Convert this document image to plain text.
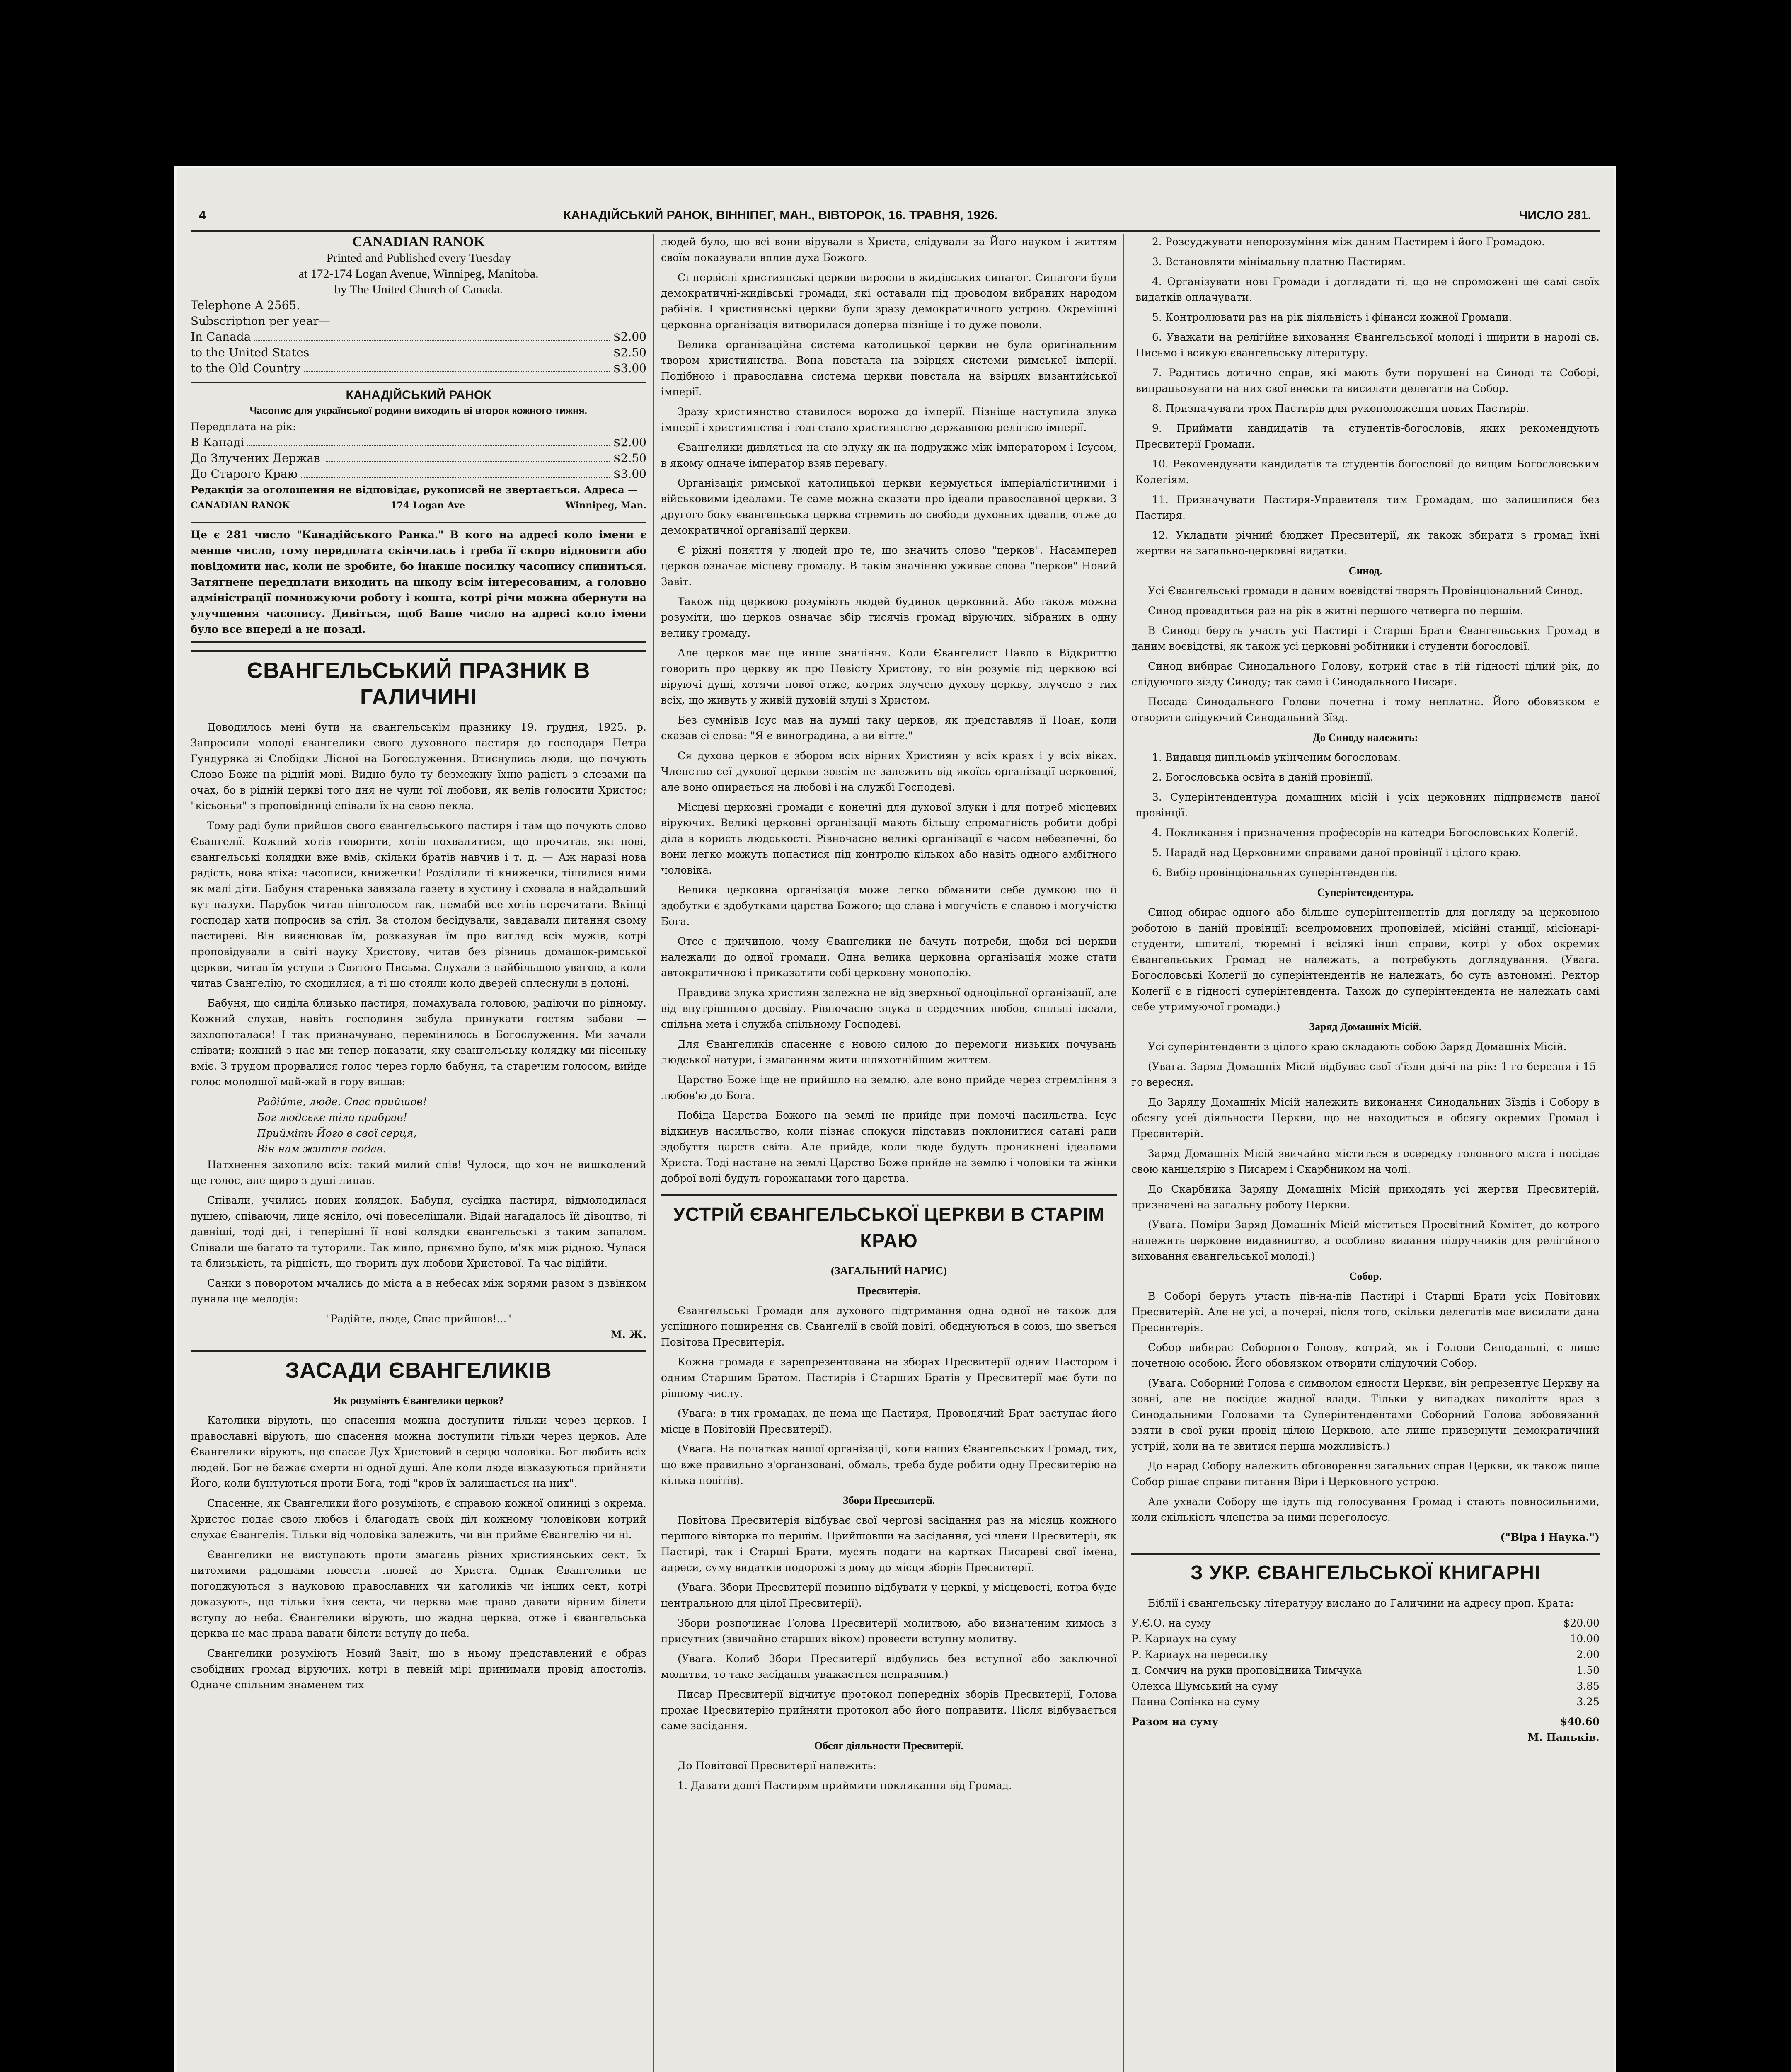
4	КАНАДІЙСЬКИЙ РАНОК, ВІННІПЕГ, МАН., ВІВТОРОК, 16. ТРАВНЯ, 1926.	ЧИСЛО 281.
CANADIAN RANOK
Printed and Published every Tuesday
at 172-174 Logan Avenue, Winnipeg, Manitoba.
by The United Church of Canada.
Telephone A 2565.
Subscription per year—
In Canada	$2.00
to the United States	$2.50
to the Old Country	$3.00
КАНАДІЙСЬКИЙ РАНОК
Часопис для української родини виходить ві второк кожного тижня.
Передплата на рік:
В Канаді	$2.00
До Злучених Держав	$2.50
До Старого Краю	$3.00
Редакція за оголошення не відповідає, рукописей не звертається. Адреса —
CANADIAN RANOK	174 Logan Ave	Winnipeg, Man.
Це є 281 число "Канадійського Ранка." В кого на адресі коло імени є менше число, тому передплата скінчилась і треба її скоро відновити або повідомити нас, коли не зробите, бо інакше посилку часопису спиниться. Затягнене передплати виходить на шкоду всім інтересованим, а головно адміністрації помножуючи роботу і кошта, котрі річи можна обернути на улучшення часопису. Дивіться, щоб Ваше число на адресі коло імени було все впереді а не позаді.
ЄВАНГЕЛЬСЬКИЙ ПРАЗНИК В ГАЛИЧИНІ

Доводилось мені бути на євангельськім празнику 19. грудня, 1925. р. Запросили молоді євангелики свого духовного пастиря до господаря Петра Гундуряка зі Слобідки Лісної на Богослуження. Втиснулись люди, що почують Слово Боже на рідній мові. Видно було ту безмежну їхню радість з слезами на очах, бо в рідній церкві того дня не чули тої любови, як велів голосити Христос; "кісьоньи" з проповідниці співали їх на свою пекла.

Тому раді були прийшов свого євангельського пастиря і там що почують слово Євангелії. Кожний хотів говорити, хотів похвалитися, що прочитав, які нові, євангельські колядки вже вмів, скільки братів навчив і т. д. — Аж наразі нова радість, нова втіха: часописи, книжечки! Розділили ті книжечки, тішилися ними як малі діти. Бабуня старенька завязала газету в хустину і сховала в найдальший кут пазухи. Парубок читав півголосом так, немабй все хотів перечитати. Вкінці господар хати попросив за стіл. За столом бесідували, завдавали питання свому пастиреві. Він вияснював їм, розказував їм про вигляд всіх мужів, котрі проповідували в світі науку Христову, читав без різниць домашок-римської церкви, читав їм устуни з Святого Письма. Слухали з найбільшою увагою, а коли читав Євангелію, то сходилися, а ті що стояли коло дверей сплеснули в долоні.

Бабуня, що сиділа близько пастиря, помахувала головою, радіючи по рідному. Кожний слухав, навіть господиня забула принукати гостям забави — захлопоталася! І так призначувано, перемінилось в Богослуження. Ми зачали співати; кожний з нас ми тепер показати, яку євангельську колядку ми пісеньку вміє. З трудом прорвалися голос через горло бабуня, та старечим голосом, вийде голос молодшої май-жай в гору вишав:

Радійте, люде, Спас прийшов!
Бог людське тіло прибрав!
Прийміть Його в свої серця,
Він нам життя подав.

Натхнення захопило всіх: такий милий спів! Чулося, що хоч не вишколений ще голос, але щиро з душі линав.

Співали, учились нових колядок. Бабуня, сусідка пастиря, відмолодилася душею, співаючи, лице ясніло, очі повеселішали. Відай нагадалось їй дівоцтво, ті давніші, тоді дні, і теперішні її нові колядки євангельські з таким запалом. Співали ще багато та туторили. Так мило, приємно було, м'як між рідною. Чулася та близькість, та рідність, що творить дух любови Христової. Та час відійти.

Санки з поворотом мчались до міста а в небесах між зорями разом з дзвінком лунала ще мелодія:

"Радійте, люде, Спас прийшов!..."
М. Ж.
ЗАСАДИ ЄВАНГЕЛИКІВ
Як розуміють Євангелики церков?

Католики вірують, що спасення можна доступити тільки через церков. І православні вірують, що спасення можна доступити тільки через церков. Але Євангелики вірують, що спасає Дух Христовий в серцю чоловіка. Бог любить всіх людей. Бог не бажає смерти ні одної душі. Але коли люде візказуються прийняти Його, коли бунтуються проти Бога, тоді "кров їх залишається на них".

Спасенне, як Євангелики його розуміють, є справою кожної одиниці з окрема. Христос подає свою любов і благодать своїх діл кожному чоловікови котрий слухає Євангелія. Тільки від чоловіка залежить, чи він прийме Євангелію чи ні.

Євангелики не виступають проти змагань різних християнських сект, їх питомими радощами повести людей до Христа. Однак Євангелики не погоджуються з науковою православних чи католиків чи інших сект, котрі доказують, що тільки їхня секта, чи церква має право давати вірним білети вступу до неба. Євангелики вірують, що жадна церква, отже і євангельська церква не має права давати білети вступу до неба.

Євангелики розуміють Новий Завіт, що в ньому представлений є образ свобідних громад віруючих, котрі в певній мірі принимали провід апостолів. Одначе спільним знаменем тих

людей було, що всі вони вірували в Христа, слідували за Його науком і життям своїм показували вплив духа Божого.

Сі первісні християнські церкви виросли в жидівських синагог. Синагоги були демократичні-жидівські громади, які оставали під проводом вибраних народом рабінів. І християнські церкви були зразу демократичного устрою. Окремішні церковна організація витворилася доперва пізніще і то дуже поволи.

Велика організаційна система католицької церкви не була оригінальним твором християнства. Вона повстала на взірцях системи римської імперії. Подібною і православна система церкви повстала на взірцях византийської імперії.

Зразу християнство ставилося ворожо до імперії. Пізніще наступила злука імперії і християнства і тоді стало християнство державною релігією імперії.

Євангелики дивляться на сю злуку як на подружжє між імператором і Ісусом, в якому одначе імператор взяв перевагу.

Організація римської католицької церкви кермується імперіалістичними і військовими ідеалами. Те саме можна сказати про ідеали православної церкви. З другого боку євангельська церква стремить до свободи духовних ідеалів, отже до демократичної організації церкви.

Є ріжні поняття у людей про те, що значить слово "церков". Насамперед церков означає місцеву громаду. В такім значінню уживає слова "церков" Новий Завіт.

Також під церквою розуміють людей будинок церковний. Або також можна розуміти, що церков означає збір тисячів громад віруючих, зібраних в одну велику громаду.

Але церков має ще инше значіння. Коли Євангелист Павло в Відкриттю говорить про церкву як про Невісту Христову, то він розуміє під церквою всі віруючі душі, хотячи нової отже, котрих злучено духову церкву, злучено з тих всіх, що живуть у живій духовій злуці з Христом.

Без сумнівів Ісус мав на думці таку церков, як представляв її Поан, коли сказав сі слова: "Я є виноградина, а ви віттє."

Ся духова церков є збором всіх вірних Християн у всіх краях і у всіх віках. Членство сеї духової церкви зовсім не залежить від якоїсь організації церковної, але воно опирається на любові і на службі Господеві.

Місцеві церковні громади є конечні для духової злуки і для потреб місцевих віруючих. Великі церковні організації мають більшу спромагність робити добрі діла в користь людськості. Рівночасно великі організації є часом небезпечні, бо вони легко можуть попастися під контролю кількох або навіть одного амбітного чоловіка.

Велика церковна організація може легко обманити себе думкою що її здобутки є здобутками царства Божого; що слава і могучість є славою і могучістю Бога.

Отсе є причиною, чому Євангелики не бачуть потреби, щоби всі церкви належали до одної громади. Одна велика церковна організація може стати автократичною і приказатити собі церковну монополію.

Правдива злука християн залежна не від зверхньої одноцільної організації, але від внутрішнього досвіду. Рівночасно злука в сердечних любов, спільні ідеали, спільна мета і служба спільному Господеві.

Для Євангеликів спасенне є новою силою до перемоги низьких почувань людської натури, і змаганням жити шляхотнійшим життєм.

Царство Боже іще не прийшло на землю, але воно прийде через стремління з любов'ю до Бога.

Побіда Царства Божого на землі не прийде при помочі насильства. Ісус відкинув насильство, коли пізнає спокуси підставив поклонитися сатані ради здобуття царств світа. Але прийде, коли люде будуть проникнені ідеалами Христа. Тоді настане на землі Царство Боже прийде на землю і чоловіки та жінки доброї волі будуть горожанами того царства.

УСТРІЙ ЄВАНГЕЛЬСЬКОЇ ЦЕРКВИ В СТАРІМ КРАЮ
(ЗАГАЛЬНИЙ НАРИС)
Пресвитерія.

Євангельські Громади для духового підтримання одна одної не також для успішного поширення св. Євангелії в своїй повіті, обєднуються в союз, що зветься Повітова Пресвитерія.

Кожна громада є зарепрезентована на зборах Пресвитерії одним Пастором і одним Старшим Братом. Пастирів і Старших Братів у Пресвитерії має бути по рівному числу.

(Увага: в тих громадах, де нема ще Пастиря, Проводячий Брат заступає його місце в Повітовій Пресвитерії).

(Увага. На початках нашої організації, коли наших Євангельських Громад, тих, що вже правильно з'органзовані, обмаль, треба буде робити одну Пресвитерію на кілька повітів).

Збори Пресвитерії.

Повітова Пресвитерія відбуває свої чергові засідання раз на місяць кожного першого вівторка по першім. Прийшовши на засідання, усі члени Пресвитерії, як Пастирі, так і Старші Брати, мусять подати на картках Писареві свої імена, адреси, суму видатків подорожі з дому до місця зборів Пресвитерії.

(Увага. Збори Пресвитерії повинно відбувати у церкві, у місцевості, котра буде центральною для цілої Пресвитерії).

Збори розпочинає Голова Пресвитерії молитвою, або визначеним кимось з присутних (звичайно старших віком) провести вступну молитву.

(Увага. Колиб Збори Пресвитерії відбулись без вступної або заключної молитви, то таке засідання уважається неправним.)

Писар Пресвитерії відчитує протокол попередніх зборів Пресвитерії, Голова прохає Пресвитерію прийняти протокол або його поправити. Після відбувається саме засідання.

Обсяг діяльности Пресвитерії.

До Повітової Пресвитерії належить:

1. Давати довгі Пастирям приймити покликання від Громад.

2. Розсуджувати непорозуміння між даним Пастирем і його Громадою.

3. Встановляти мінімальну платню Пастирям.

4. Організувати нові Громади і доглядати ті, що не спроможені ще самі своїх видатків оплачувати.

5. Контролювати раз на рік діяльність і фінанси кожної Громади.

6. Уважати на релігійне виховання Євангельської молоді і ширити в народі св. Письмо і всякую євангельську літературу.

7. Радитись дотично справ, які мають бути порушені на Синоді та Соборі, випрацьовувати на них свої внески та висилати делегатів на Собор.

8. Призначувати трох Пастирів для рукоположення нових Пастирів.

9. Приймати кандидатів та студентів-богословів, яких рекомендують Пресвитерії Громади.

10. Рекомендувати кандидатів та студентів богословії до вищим Богословським Колегіям.

11. Призначувати Пастиря-Управителя тим Громадам, що залишилися без Пастиря.

12. Укладати річний бюджет Пресвитерії, як також збирати з громад їхні жертви на загально-церковні видатки.

Синод.

Усі Євангельські громади в даним воєвідстві творять Провінціональний Синод.

Синод провадиться раз на рік в житні першого четверга по першім.

В Синоді беруть участь усі Пастирі і Старші Брати Євангельських Громад в даним воєвідстві, як також усі церковні робітники і студенти богословії.

Синод вибирає Синодального Голову, котрий стає в тій гідності цілий рік, до слідуючого зїзду Синоду; так само і Синодального Писаря.

Посада Синодального Голови почетна і тому неплатна. Його обовязком є отворити слідуючий Синодальний Зїзд.

До Синоду належить:

1. Видавця дипльомів укінченим богословам.

2. Богословська освіта в даній провінції.

3. Суперінтендентура домашних місій і усіх церковних підприємств даної провінції.

4. Покликання і призначення професорів на катедри Богословських Колегій.

5. Нарадй над Церковними справами даної провінції і цілого краю.

6. Вибір провінціональних суперінтендентів.

Суперінтендентура.

Синод обирає одного або більше суперінтендентів для догляду за церковною роботою в даній провінції: вселромовних проповідей, місійні станції, місіонарі-студенти, шпиталі, тюремні і всілякі інші справи, котрі у обох окремих Євангельських Громад не належать, а потребують доглядування. (Увага. Богословські Колегії до суперінтендентів не належать, бо суть автономні. Ректор Колегії є в гідності суперінтендента. Також до суперінтендента не належать самі себе утримуючої громади.)

Заряд Домашніх Місій.

Усі суперінтенденти з цілого краю складають собою Заряд Домашніх Місій.

(Увага. Заряд Домашніх Місій відбуває свої з'їзди двічі на рік: 1-го березня і 15-го вересня.

До Заряду Домашніх Місій належить виконання Синодальних Зїздів і Собору в обсягу усеї діяльности Церкви, що не находиться в обсягу окремих Громад і Пресвитерій.

Заряд Домашніх Місій звичайно міститься в осередку головного міста і посідає свою канцелярію з Писарем і Скарбником на чолі.

До Скарбника Заряду Домашніх Місій приходять усі жертви Пресвитерій, призначені на загальну роботу Церкви.

(Увага. Поміри Заряд Домашніх Місій міститься Просвітний Комітет, до котрого належить церковне видавництво, а особливо видання підручників для релігійного виховання євангельської молоді.)

Собор.

В Соборі беруть участь пів-на-пів Пастирі і Старші Брати усіх Повітових Пресвитерій. Але не усі, а почерзі, після того, скільки делегатів має висилати дана Пресвитерія.

Собор вибирає Соборного Голову, котрий, як і Голови Синодальні, є лише почетною особою. Його обовязком отворити слідуючий Собор.

(Увага. Соборний Голова є символом єдности Церкви, він репрезентує Церкву на зовні, але не посідає жадної влади. Тільки у випадках лихоліття враз з Синодальними Головами та Суперінтендентами Соборний Голова зобовязаний взяти в свої руки провід цілою Церквою, але лише привернути демократичний устрій, коли на те звитися перша можливість.)

До нарад Собору належить обговорення загальних справ Церкви, як також лише Собор рішає справи питання Віри і Церковного устрою.

Але ухвали Собору ще ідуть під голосування Громад і стають повносильними, коли скількість членства за ними переголосує.

("Віра і Наука.")
З УКР. ЄВАНГЕЛЬСЬКОЇ КНИГАРНІ

Біблії і євангельську літературу вислано до Галичини на адресу проп. Крата:

У.Є.О. на суму	$20.00
Р. Кариаух на суму	10.00
Р. Кариаух на пересилку	2.00
д. Сомчич на руки проповідника Тимчука	1.50
Олекса Шумський на суму	3.85
Панна Сопінка на суму	3.25
Разом на суму	$40.60
М. Панькiв.
